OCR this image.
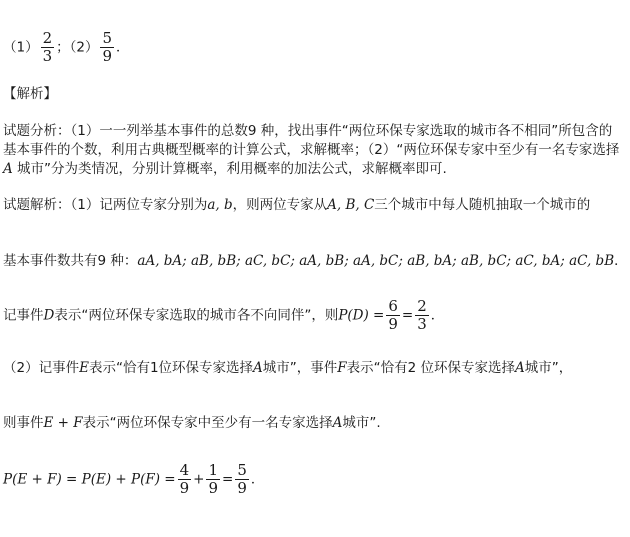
$(1) \frac{2}{3}$ ；$(2) \frac{5}{9}$ ．
【解析】
试题分析：（1）一一列举基本事件的总数9 种，找出事件“两位环保专家选取的城市各不相同”所包含的基本事件的个数，利用古典概型概率的计算公式，求解概率；（2）“两位环保专家中至少有一名专家选择A 城市”分为类情况，分别计算概率，利用概率的加法公式，求解概率即可.
试题解析：（1）记两位专家分别为a, b，则两位专家从A, B, C三个城市中每人随机抽取一个城市的
基本事件数共有9 种：aA, bA; aB, bB; aC, bC; aA, bB; aA, bC; aB, bA; aB, bC; aC, bA; aC, bB．
记事件D表示“两位环保专家选取的城市各不向同伴”，则$P(D) = \frac{6}{9} = \frac{2}{3}$ ．
（2）记事件E表示“恰有1位环保专家选择A城市”，事件F表示“恰有2 位环保专家选择A城市”，
则事件E + F表示“两位环保专家中至少有一名专家选择A城市”.
$P(E + F) = P(E) + P(F) = \frac{4}{9} + \frac{1}{9} = \frac{5}{9}$ ．
